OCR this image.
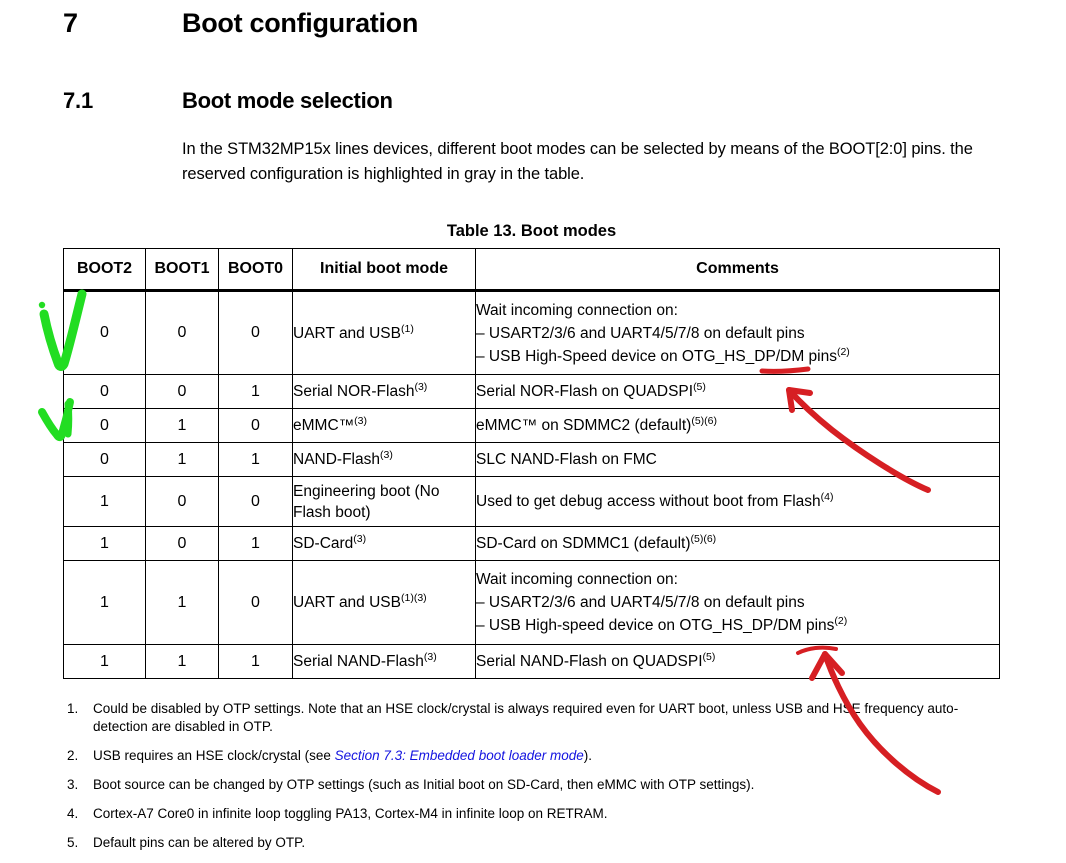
7	Boot configuration
7.1	Boot mode selection
In the STM32MP15x lines devices, different boot modes can be selected by means of the BOOT[2:0] pins. the reserved configuration is highlighted in gray in the table.
Table 13. Boot modes
BOOT2	BOOT1	BOOT0	Initial boot mode	Comments
0	0	0	UART and USB$^{(1)}$	Wait incoming connection on:
– USART2/3/6 and UART4/5/7/8 on default pins
– USB High-Speed device on OTG_HS_DP/DM pins$^{(2)}$

0	0	1	Serial NOR-Flash$^{(3)}$	Serial NOR-Flash on QUADSPI$^{(5)}$

0	1	0	eMMC™$^{(3)}$	eMMC™ on SDMMC2 (default)$^{(5)(6)}$

0	1	1	NAND-Flash$^{(3)}$	SLC NAND-Flash on FMC

1	0	0	Engineering boot (No Flash boot)	Used to get debug access without boot from Flash$^{(4)}$

1	0	1	SD-Card$^{(3)}$	SD-Card on SDMMC1 (default)$^{(5)(6)}$

1	1	0	UART and $USB^{(1)(3)}$	Wait incoming connection on:
– USART2/3/6 and UART4/5/7/8 on default pins
– USB High-speed device on OTG_HS_DP/DM pins$^{(2)}$

1	1	1	Serial NAND-Flash$^{(3)}$	Serial NAND-Flash on QUADSPI$^{(5)}$
1.	Could be disabled by OTP settings. Note that an HSE clock/crystal is always required even for UART boot, unless USB and HSE frequency auto-detection are disabled in OTP.
2.	USB requires an HSE clock/crystal (see Section 7.3: Embedded boot loader mode).
3.	Boot source can be changed by OTP settings (such as Initial boot on SD-Card, then eMMC with OTP settings).
4.	Cortex-A7 Core0 in infinite loop toggling PA13, Cortex-M4 in infinite loop on RETRAM.
5.	Default pins can be altered by OTP.
